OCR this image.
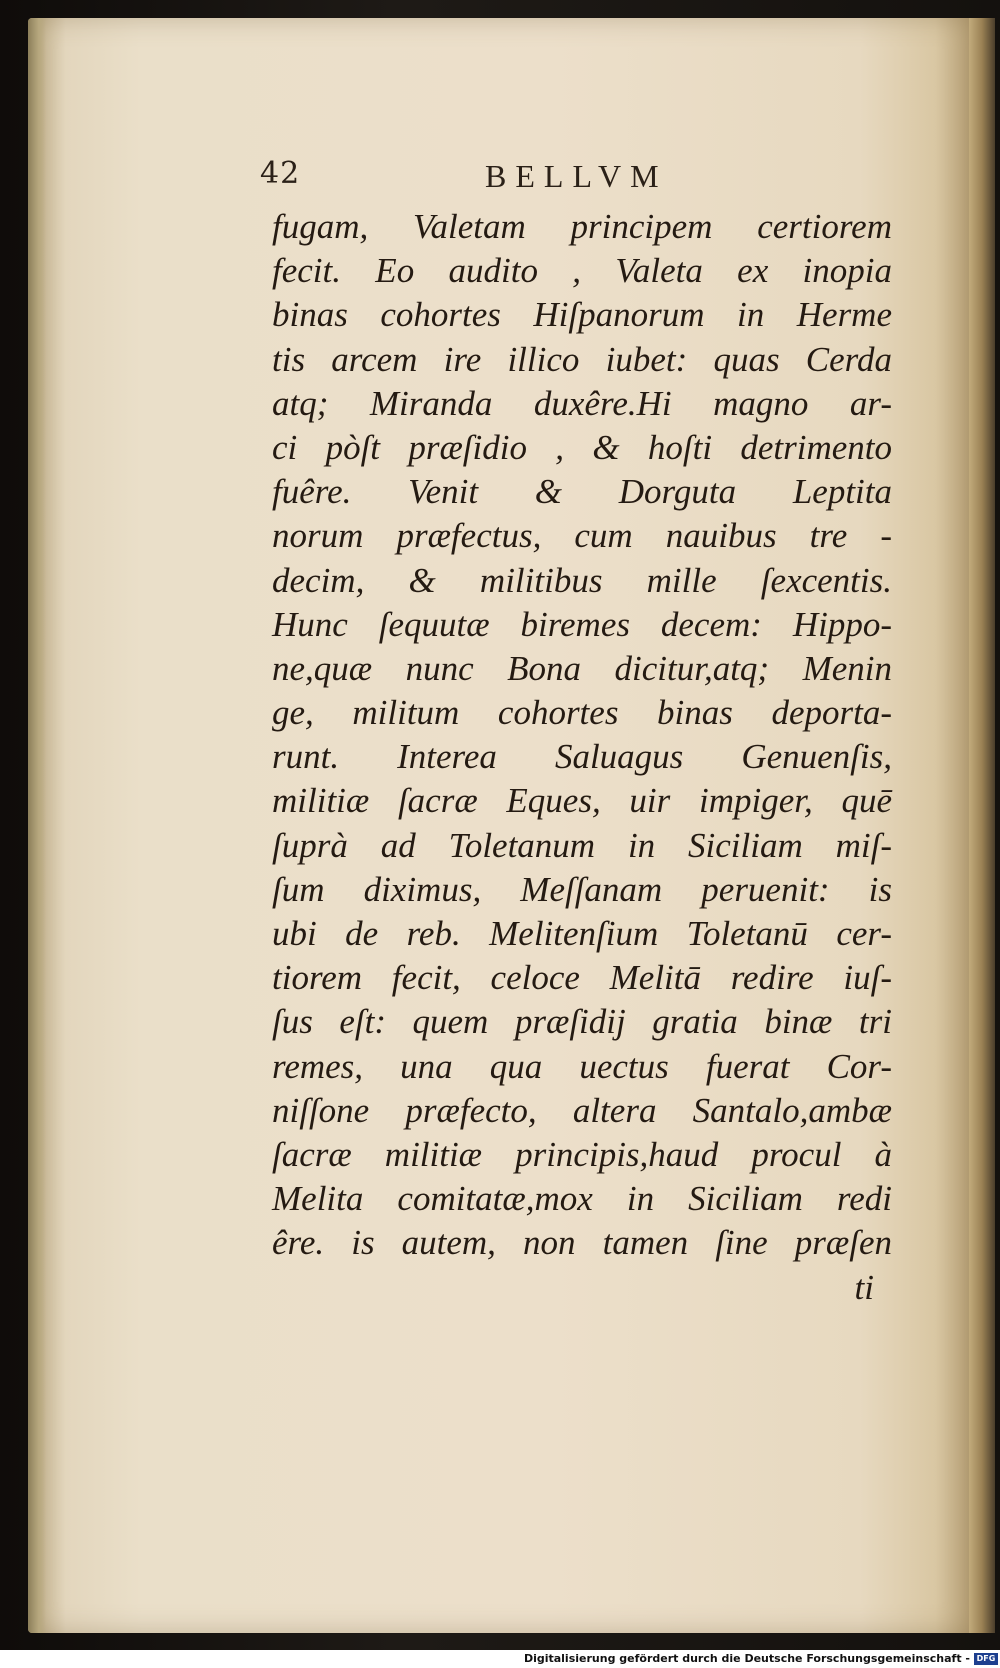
42	BELLVM
fugam, Valetam principem certiorem
fecit. Eo audito , Valeta ex inopia
binas cohortes Hiſpanorum in Herme
tis arcem ire illico iubet: quas Cerda
atq; Miranda duxêre.Hi magno ar-
ci pòſt præſidio , & hoſti detrimento
fuêre. Venit & Dorguta Leptita
norum præfectus, cum nauibus tre -
decim, & militibus mille ſexcentis.
Hunc ſequutæ biremes decem: Hippo-
ne,quæ nunc Bona dicitur,atq; Menin
ge, militum cohortes binas deporta-
runt. Interea Saluagus Genuenſis,
militiæ ſacræ Eques, uir impiger, quē
ſuprà ad Toletanum in Siciliam miſ-
ſum diximus, Meſſanam peruenit: is
ubi de reb. Melitenſium Toletanū cer-
tiorem fecit, celoce Melitā redire iuſ-
ſus eſt: quem præſidij gratia binæ tri
remes, una qua uectus fuerat Cor-
niſſone præfecto, altera Santalo,ambæ
ſacræ militiæ principis,haud procul à
Melita comitatæ,mox in Siciliam redi
êre. is autem, non tamen ſine præſen
ti
Digitalisierung gefördert durch die Deutsche Forschungsgemeinschaft - DFG
